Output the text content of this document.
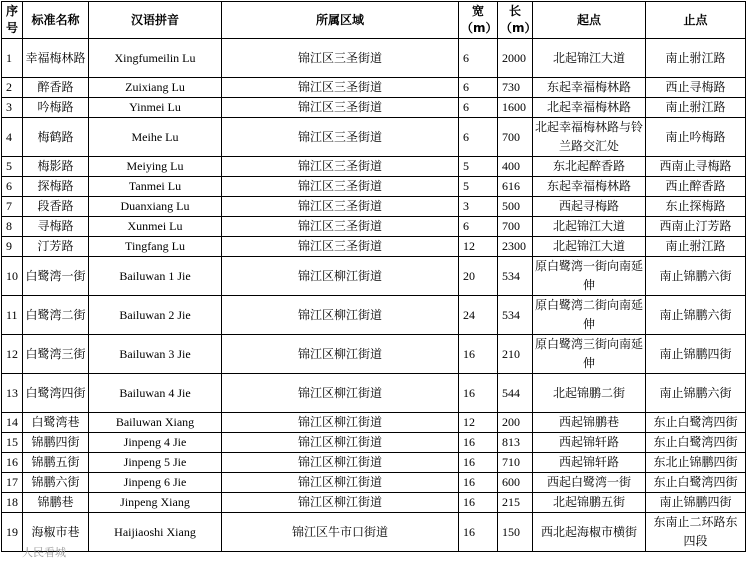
序号	标准名称	汉语拼音	所属区域	宽（m）	长（m）	起点	止点
1	幸福梅林路	Xingfumeilin Lu	锦江区三圣街道	6	2000	北起锦江大道	南止驸江路
2	醉香路	Zuixiang Lu	锦江区三圣街道	6	730	东起幸福梅林路	西止寻梅路
3	吟梅路	Yinmei Lu	锦江区三圣街道	6	1600	北起幸福梅林路	南止驸江路
4	梅鹤路	Meihe Lu	锦江区三圣街道	6	700	北起幸福梅林路与铃兰路交汇处	南止吟梅路
5	梅影路	Meiying Lu	锦江区三圣街道	5	400	东北起醉香路	西南止寻梅路
6	探梅路	Tanmei Lu	锦江区三圣街道	5	616	东起幸福梅林路	西止醉香路
7	段香路	Duanxiang Lu	锦江区三圣街道	3	500	西起寻梅路	东止探梅路
8	寻梅路	Xunmei Lu	锦江区三圣街道	6	700	北起锦江大道	西南止汀芳路
9	汀芳路	Tingfang Lu	锦江区三圣街道	12	2300	北起锦江大道	南止驸江路
10	白鹭湾一街	Bailuwan 1 Jie	锦江区柳江街道	20	534	原白鹭湾一街向南延伸	南止锦鹏六街
11	白鹭湾二街	Bailuwan 2 Jie	锦江区柳江街道	24	534	原白鹭湾二街向南延伸	南止锦鹏六街
12	白鹭湾三街	Bailuwan 3 Jie	锦江区柳江街道	16	210	原白鹭湾三街向南延伸	南止锦鹏四街
13	白鹭湾四街	Bailuwan 4 Jie	锦江区柳江街道	16	544	北起锦鹏二街	南止锦鹏六街
14	白鹭湾巷	Bailuwan Xiang	锦江区柳江街道	12	200	西起锦鹏巷	东止白鹭湾四街
15	锦鹏四街	Jinpeng 4 Jie	锦江区柳江街道	16	813	西起锦轩路	东止白鹭湾四街
16	锦鹏五街	Jinpeng 5 Jie	锦江区柳江街道	16	710	西起锦轩路	东北止锦鹏四街
17	锦鹏六街	Jinpeng 6 Jie	锦江区柳江街道	16	600	西起白鹭湾一街	东止白鹭湾四街
18	锦鹏巷	Jinpeng Xiang	锦江区柳江街道	16	215	北起锦鹏五街	南止锦鹏四街
19	海椒市巷	Haijiaoshi Xiang	锦江区牛市口街道	16	150	西北起海椒市横街	东南止二环路东四段
人民看城
